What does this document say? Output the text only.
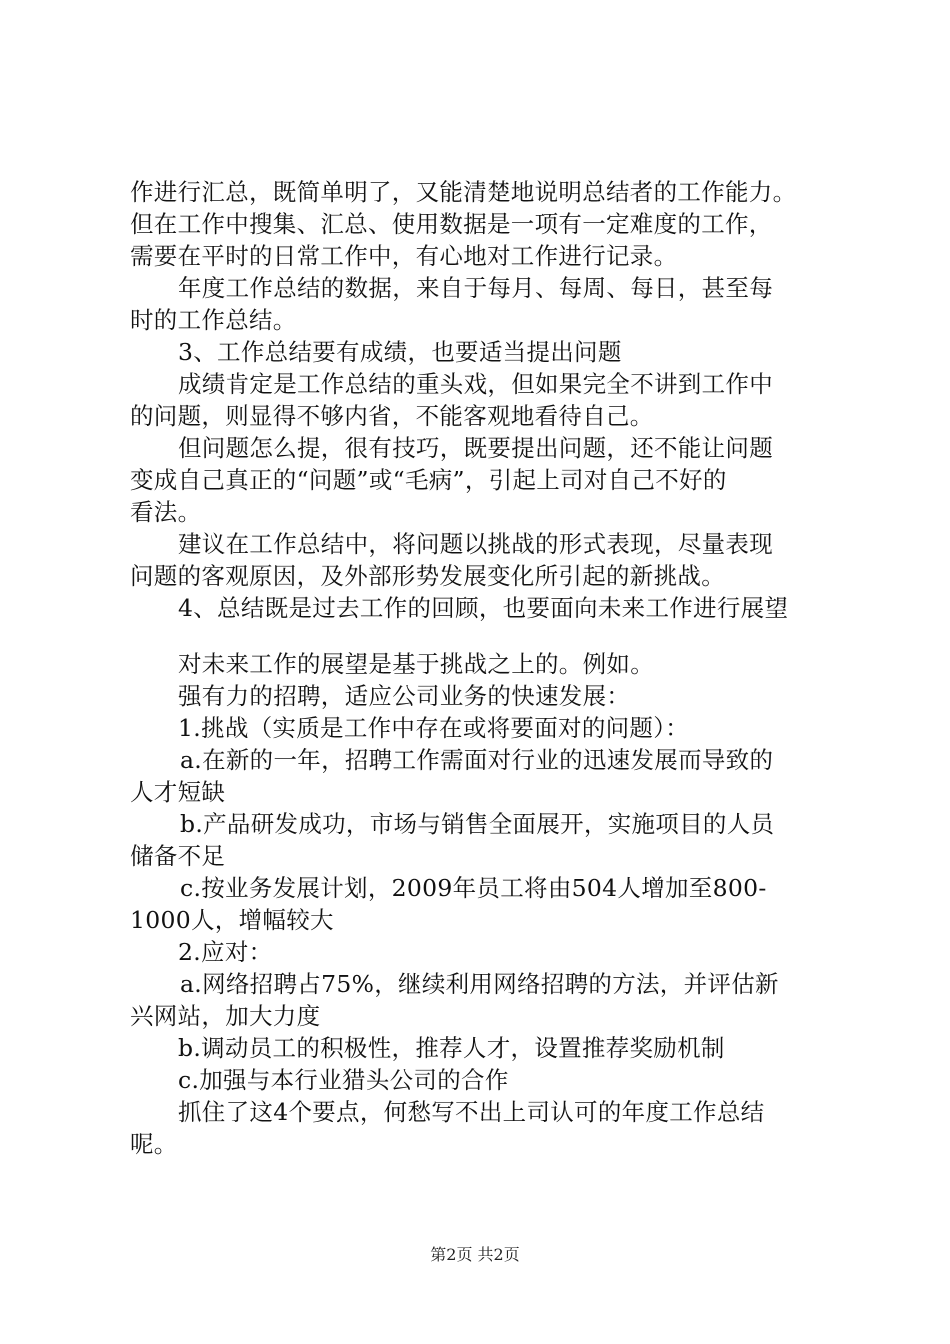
作进行汇总，既简单明了，又能清楚地说明总结者的工作能力。
但在工作中搜集、汇总、使用数据是一项有一定难度的工作，
需要在平时的日常工作中，有心地对工作进行记录。
年度工作总结的数据，来自于每月、每周、每日，甚至每
时的工作总结。
3、工作总结要有成绩，也要适当提出问题
成绩肯定是工作总结的重头戏，但如果完全不讲到工作中
的问题，则显得不够内省，不能客观地看待自己。
但问题怎么提，很有技巧，既要提出问题，还不能让问题
变成自己真正的“问题”或“毛病”，引起上司对自己不好的
看法。
建议在工作总结中，将问题以挑战的形式表现，尽量表现
问题的客观原因，及外部形势发展变化所引起的新挑战。
4、总结既是过去工作的回顾，也要面向未来工作进行展望
对未来工作的展望是基于挑战之上的。例如。
强有力的招聘，适应公司业务的快速发展：
1.挑战（实质是工作中存在或将要面对的问题）：
a.在新的一年，招聘工作需面对行业的迅速发展而导致的
人才短缺
b.产品研发成功，市场与销售全面展开，实施项目的人员
储备不足
c.按业务发展计划，2009年员工将由504人增加至800-
1000人，增幅较大
2.应对：
a.网络招聘占75%，继续利用网络招聘的方法，并评估新
兴网站，加大力度
b.调动员工的积极性，推荐人才，设置推荐奖励机制
c.加强与本行业猎头公司的合作
抓住了这4个要点，何愁写不出上司认可的年度工作总结
呢。
第2页 共2页
